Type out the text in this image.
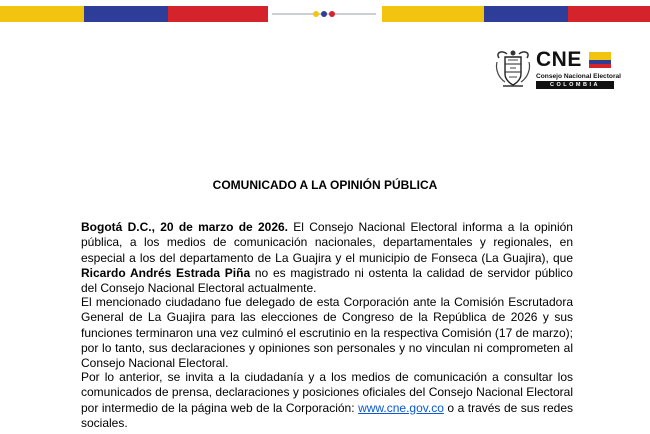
CNE
Consejo Nacional Electoral
COLOMBIA
COMUNICADO A LA OPINIÓN PÚBLICA

Bogotá D.C., 20 de marzo de 2026. El Consejo Nacional Electoral informa a la opinión pública, a los medios de comunicación nacionales, departamentales y regionales, en especial a los del departamento de La Guajira y el municipio de Fonseca (La Guajira), que Ricardo Andrés Estrada Piña no es magistrado ni ostenta la calidad de servidor público del Consejo Nacional Electoral actualmente.

El mencionado ciudadano fue delegado de esta Corporación ante la Comisión Escrutadora General de La Guajira para las elecciones de Congreso de la República de 2026 y sus funciones terminaron una vez culminó el escrutinio en la respectiva Comisión (17 de marzo); por lo tanto, sus declaraciones y opiniones son personales y no vinculan ni comprometen al Consejo Nacional Electoral.

Por lo anterior, se invita a la ciudadanía y a los medios de comunicación a consultar los comunicados de prensa, declaraciones y posiciones oficiales del Consejo Nacional Electoral por intermedio de la página web de la Corporación: www.cne.gov.co o a través de sus redes sociales.
